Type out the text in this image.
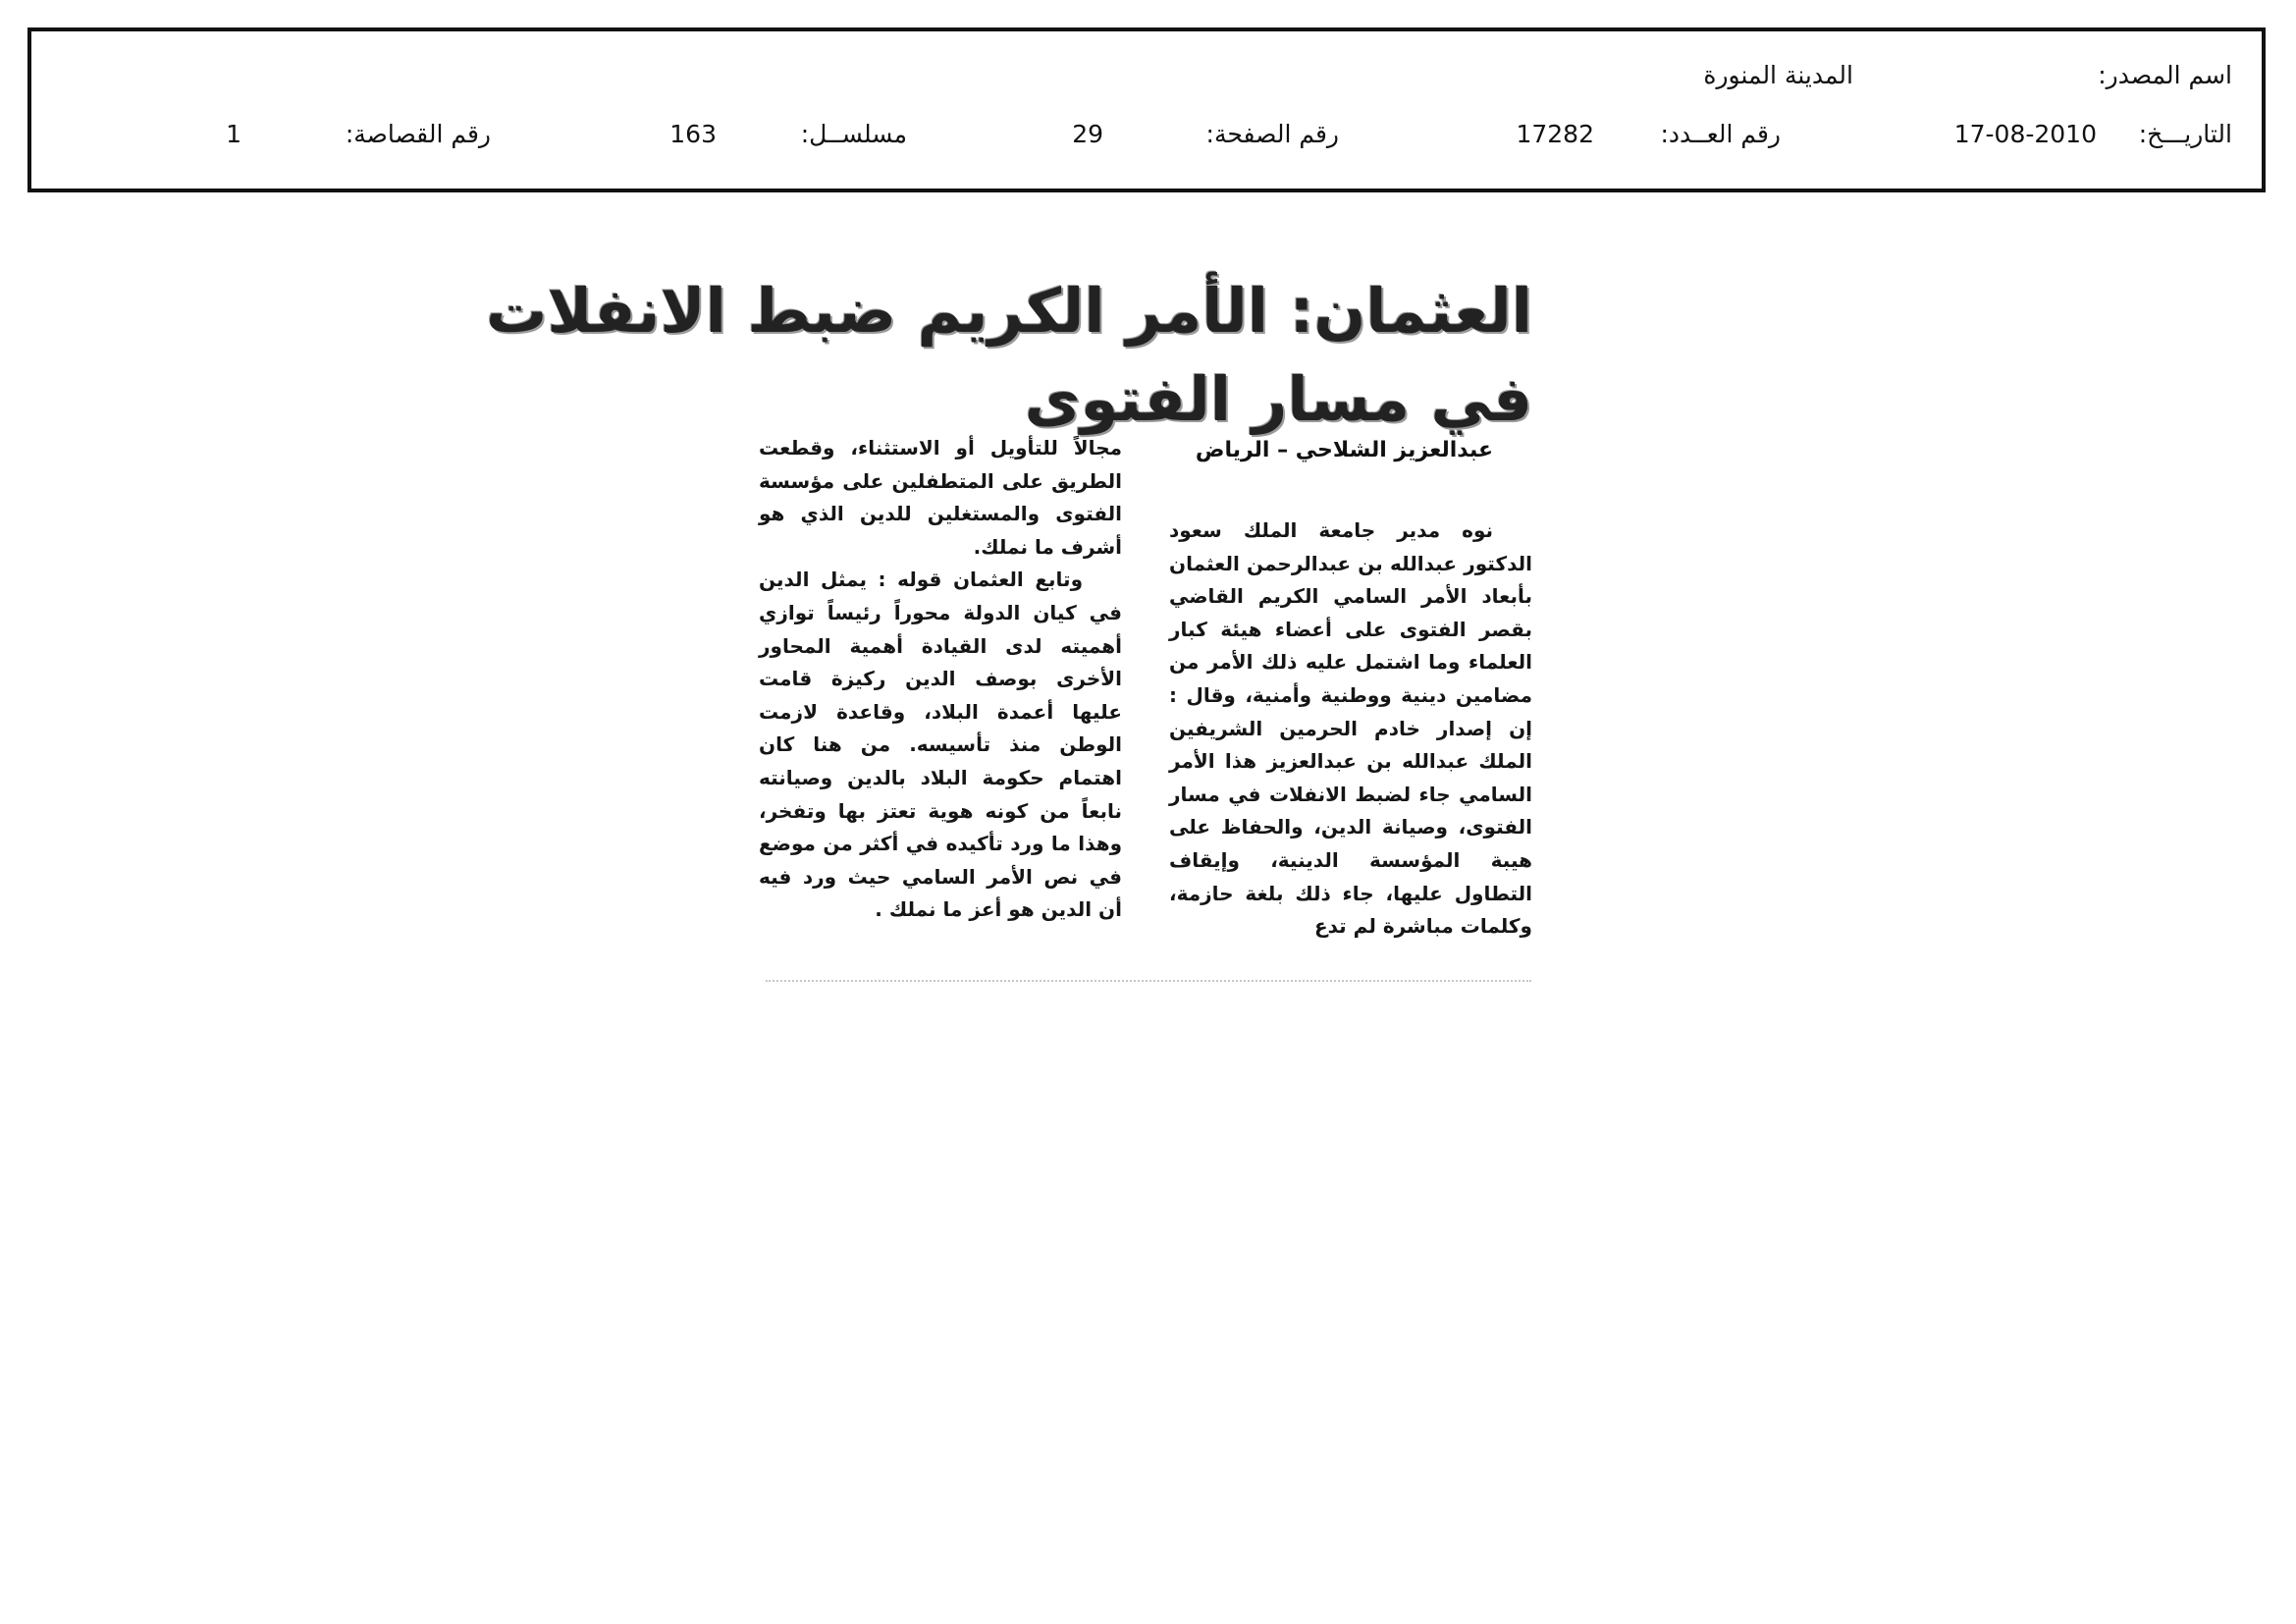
اسم المصدر:
المدينة المنورة
التاريـــخ:
17-08-2010
رقم العــدد:
17282
رقم الصفحة:
29
مسلســل:
163
رقم القصاصة:
1
العثمان: الأمر الكريم ضبط الانفلات
في مسار الفتوى
عبدالعزيز الشلاحي – الرياض

نوه مدير جامعة الملك سعود الدكتور عبدالله بن عبدالرحمن العثمان بأبعاد الأمر السامي الكريم القاضي بقصر الفتوى على أعضاء هيئة كبار العلماء وما اشتمل عليه ذلك الأمر من مضامين دينية ووطنية وأمنية، وقال : إن إصدار خادم الحرمين الشريفين الملك عبدالله بن عبدالعزيز هذا الأمر السامي جاء لضبط الانفلات في مسار الفتوى، وصيانة الدين، والحفاظ على هيبة المؤسسة الدينية، وإيقاف التطاول عليها، جاء ذلك بلغة حازمة، وكلمات مباشرة لم تدع

مجالاً للتأويل أو الاستثناء، وقطعت الطريق على المتطفلين على مؤسسة الفتوى والمستغلين للدين الذي هو أشرف ما نملك.

وتابع العثمان قوله : يمثل الدين في كيان الدولة محوراً رئيساً توازي أهميته لدى القيادة أهمية المحاور الأخرى بوصف الدين ركيزة قامت عليها أعمدة البلاد، وقاعدة لازمت الوطن منذ تأسيسه. من هنا كان اهتمام حكومة البلاد بالدين وصيانته نابعاً من كونه هوية تعتز بها وتفخر، وهذا ما ورد تأكيده في أكثر من موضع في نص الأمر السامي حيث ورد فيه أن الدين هو أعز ما نملك .
